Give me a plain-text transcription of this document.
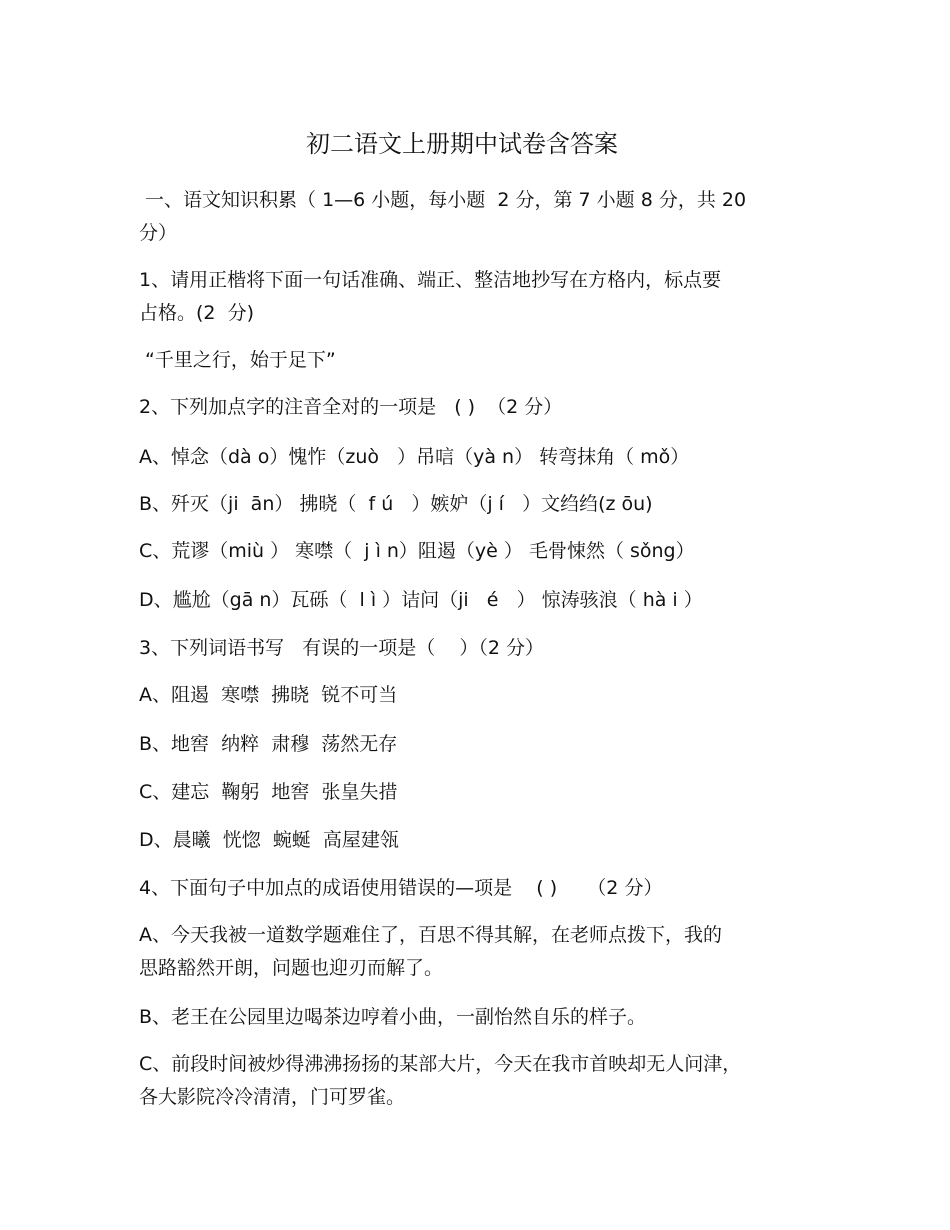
初二语文上册期中试卷含答案
一、语文知识积累（ 1—6 小题，每小题  2 分，第 7 小题 8 分，共 20
分）
1、请用正楷将下面一句话准确、端正、整洁地抄写在方格内，标点要
占格。(2  分)
“千里之行，始于足下”
2、下列加点字的注音全对的一项是   ( )  （2 分）
A、悼念（dà o）愧怍（zuò   ）吊唁（yà n） 转弯抹角（ mǒ）
B、歼灭（ji  ān） 拂晓（  f ú   ）嫉妒（j í   ）文绉绉(z ōu)
C、荒谬（miù ） 寒噤（  j ì n）阻遏（yè ） 毛骨悚然（ sǒng）
D、尴尬（gā n）瓦砾（  l ì ）诘问（ji   é   ） 惊涛骇浪（ hà i ）
3、下列词语书写   有误的一项是（    ）（2 分）
A、阻遏  寒噤  拂晓  锐不可当
B、地窖  纳粹  肃穆  荡然无存
C、建忘  鞠躬  地窖  张皇失措
D、晨曦  恍惚  蜿蜒  高屋建瓴
4、下面句子中加点的成语使用错误的—项是    ( )     （2 分）
A、今天我被一道数学题难住了，百思不得其解，在老师点拨下，我的
思路豁然开朗，问题也迎刃而解了。
B、老王在公园里边喝茶边哼着小曲，一副怡然自乐的样子。
C、前段时间被炒得沸沸扬扬的某部大片，今天在我市首映却无人问津，
各大影院冷冷清清，门可罗雀。
